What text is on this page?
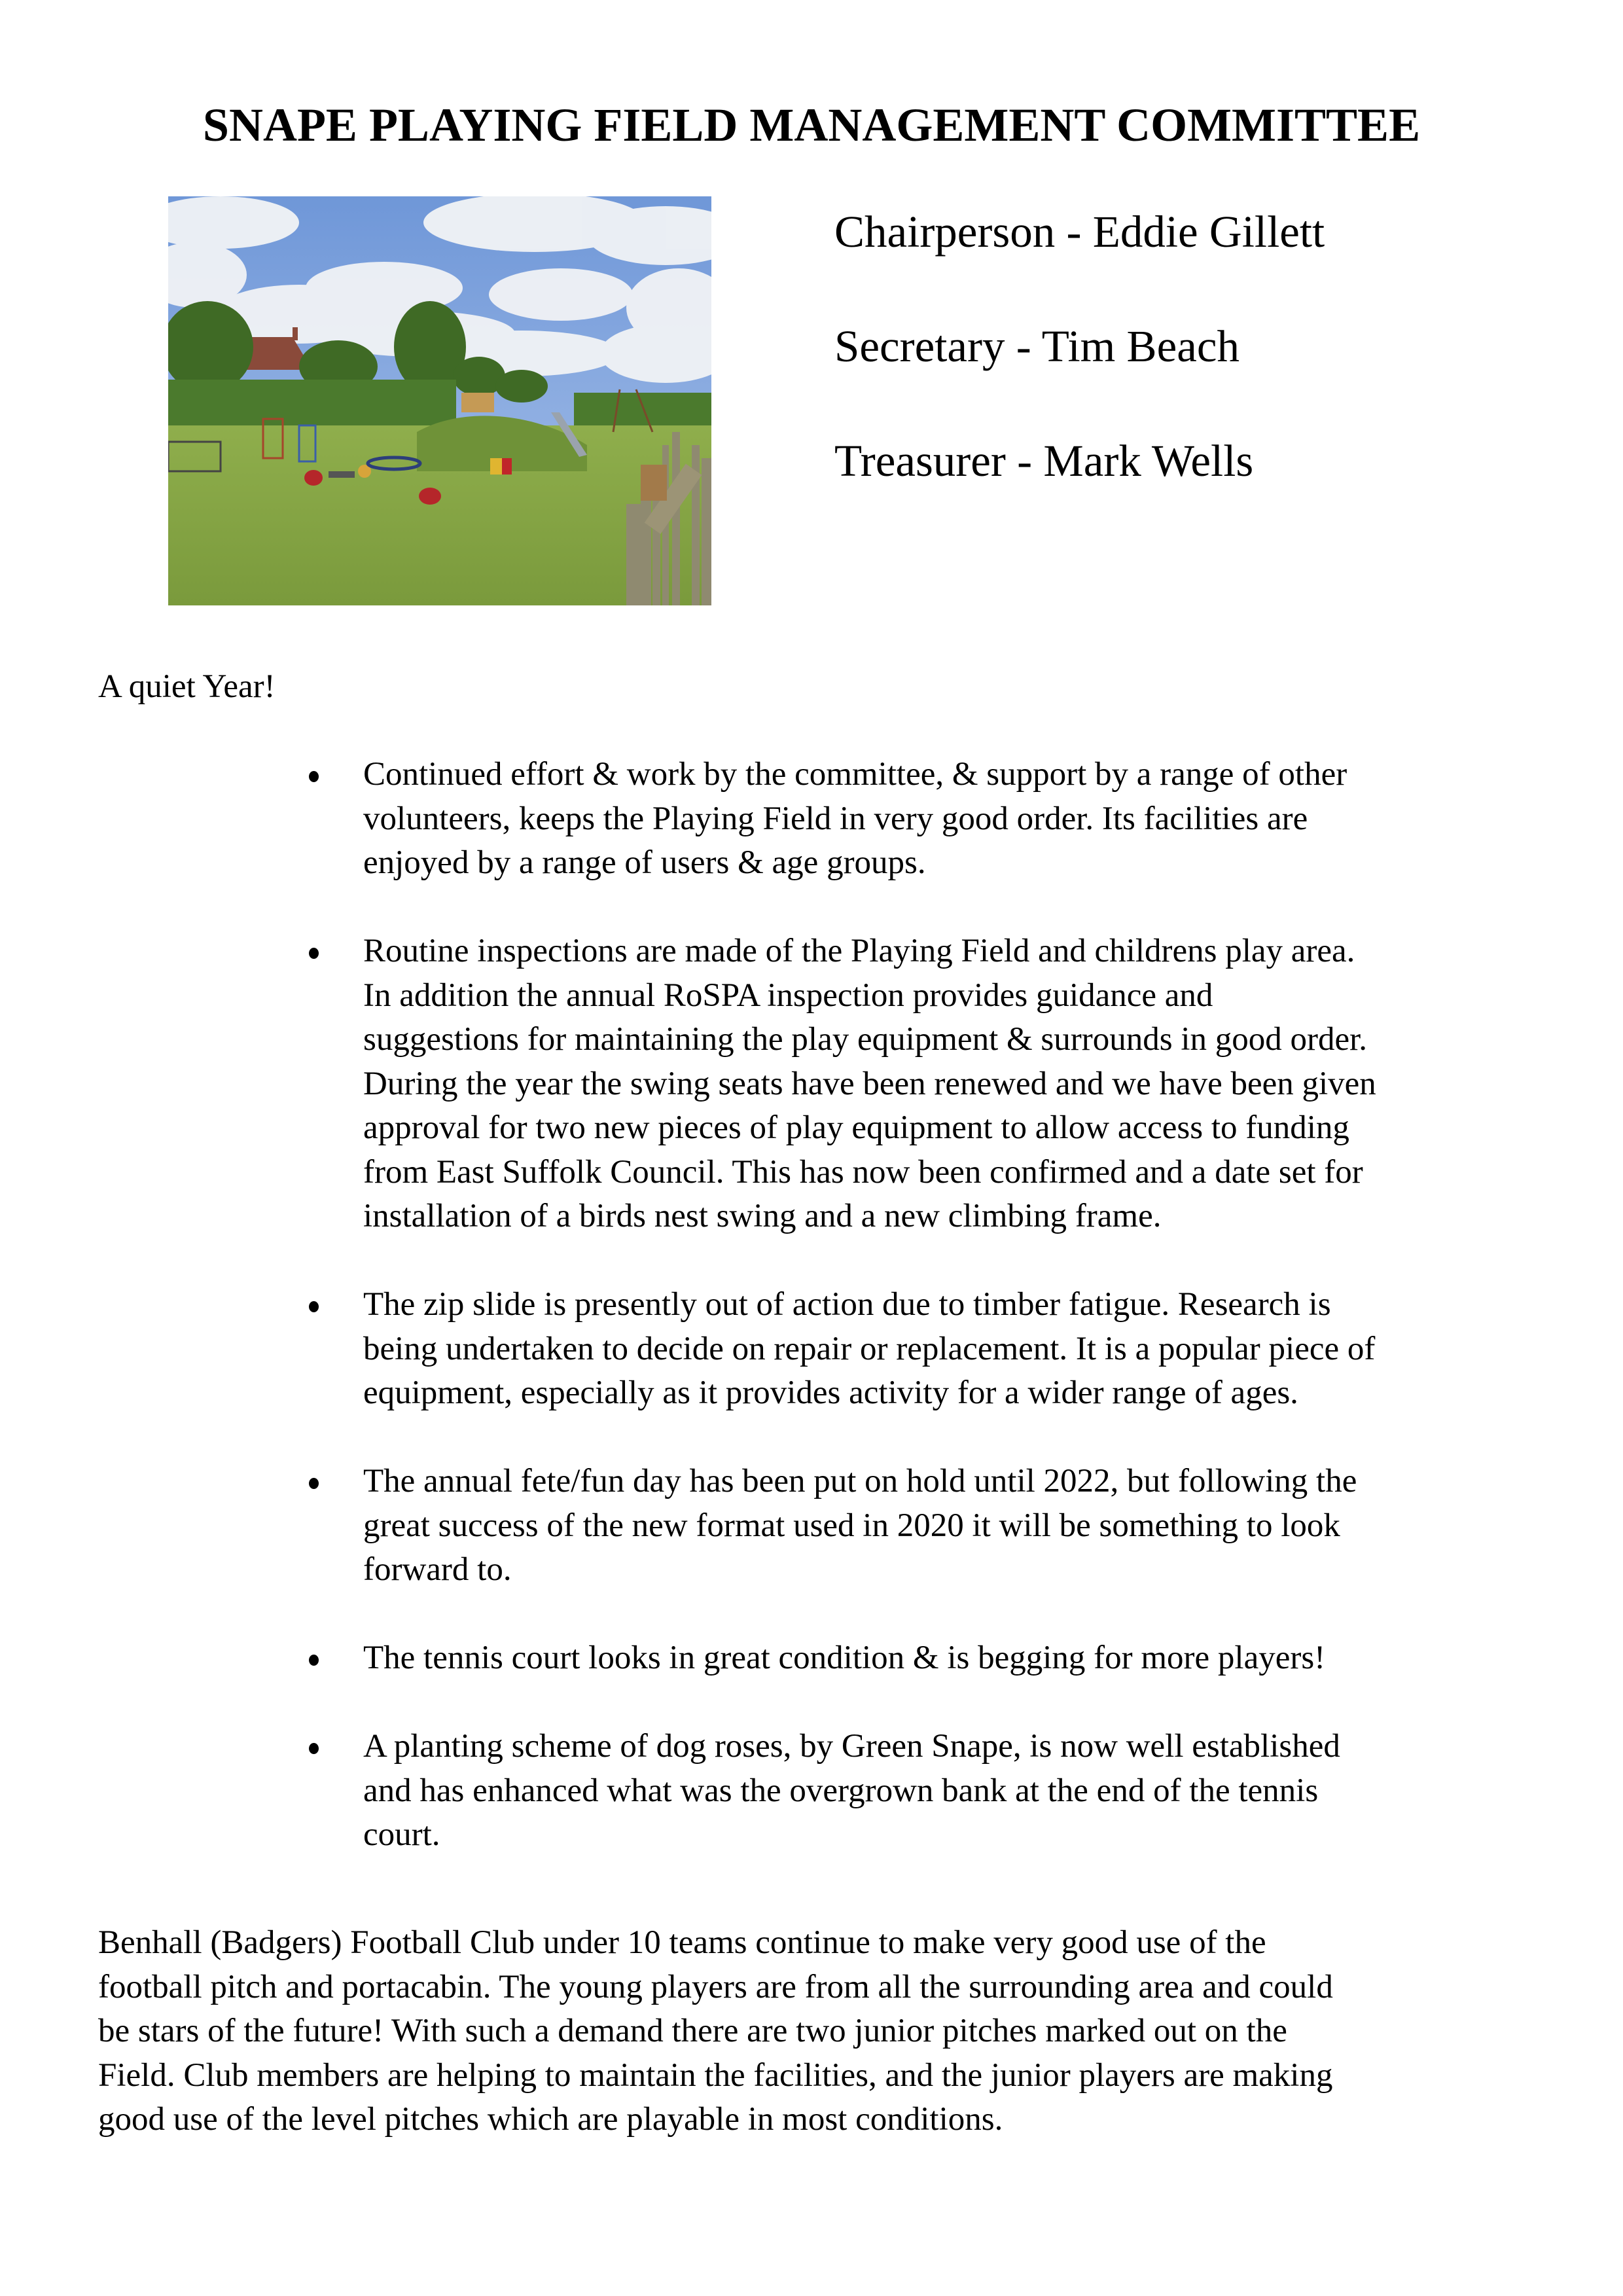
SNAPE PLAYING FIELD MANAGEMENT COMMITTEE
Chairperson - Eddie Gillett
Secretary - Tim Beach
Treasurer - Mark Wells

A quiet Year!

Continued effort & work by the committee, & support by a range of other
volunteers, keeps the Playing Field in very good order. Its facilities are
enjoyed by a range of users & age groups.
Routine inspections are made of the Playing Field and childrens play area.
In addition the annual RoSPA inspection provides guidance and
suggestions for maintaining the play equipment & surrounds in good order.
During the year the swing seats have been renewed and we have been given
approval for two new pieces of play equipment to allow access to funding
from East Suffolk Council. This has now been confirmed and a date set for
installation of a birds nest swing and a new climbing frame.
The zip slide is presently out of action due to timber fatigue. Research is
being undertaken to decide on repair or replacement. It is a popular piece of
equipment, especially as it provides activity for a wider range of ages.
The annual fete/fun day has been put on hold until 2022, but following the
great success of the new format used in 2020 it will be something to look
forward to.
The tennis court looks in great condition & is begging for more players!
A planting scheme of dog roses, by Green Snape, is now well established
and has enhanced what was the overgrown bank at the end of the tennis
court.
Benhall (Badgers) Football Club under 10 teams continue to make very good use of the
football pitch and portacabin. The young players are from all the surrounding area and could
be stars of the future! With such a demand there are two junior pitches marked out on the
Field. Club members are helping to maintain the facilities, and the junior players are making
good use of the level pitches which are playable in most conditions.
